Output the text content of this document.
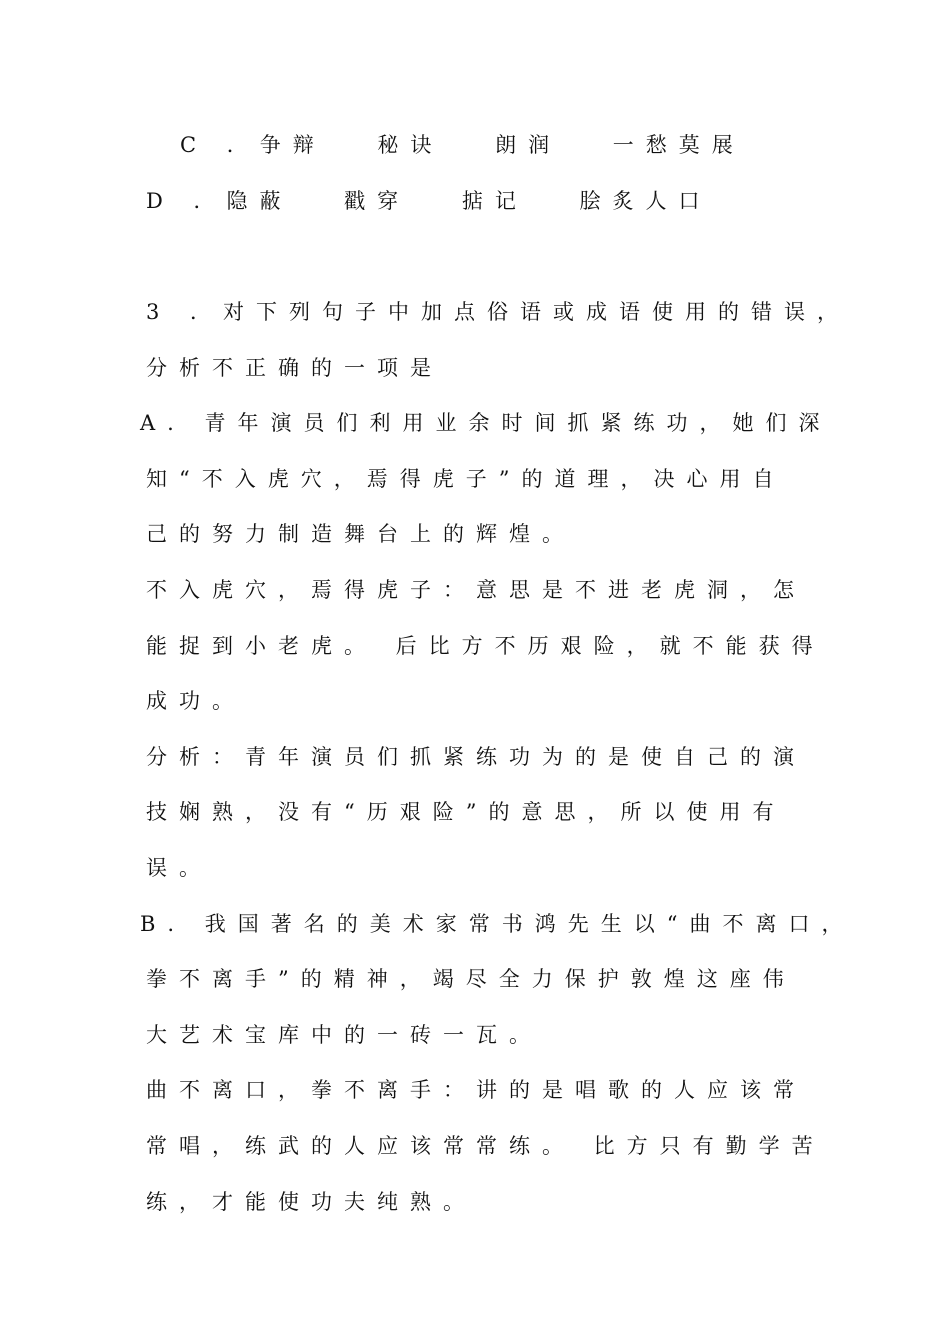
C ．争辩　 秘诀　 朗润　 一愁莫展
D ．隐蔽　 戳穿　 掂记　 脍炙人口
3 ．对下列句子中加点俗语或成语使用的错误，
分析不正确的一项是
A. 青年演员们利用业余时间抓紧练功，她们深
知“不入虎穴，焉得虎子”的道理，决心用自
己的努力制造舞台上的辉煌。
不入虎穴，焉得虎子：意思是不进老虎洞，怎
能捉到小老虎。 后比方不历艰险，就不能获得
成功。
分析：青年演员们抓紧练功为的是使自己的演
技娴熟，没有“历艰险”的意思，所以使用有
误。
B. 我国著名的美术家常书鸿先生以“曲不离口，
拳不离手”的精神，竭尽全力保护敦煌这座伟
大艺术宝库中的一砖一瓦。
曲不离口，拳不离手：讲的是唱歌的人应该常
常唱，练武的人应该常常练。 比方只有勤学苦
练，才能使功夫纯熟。
